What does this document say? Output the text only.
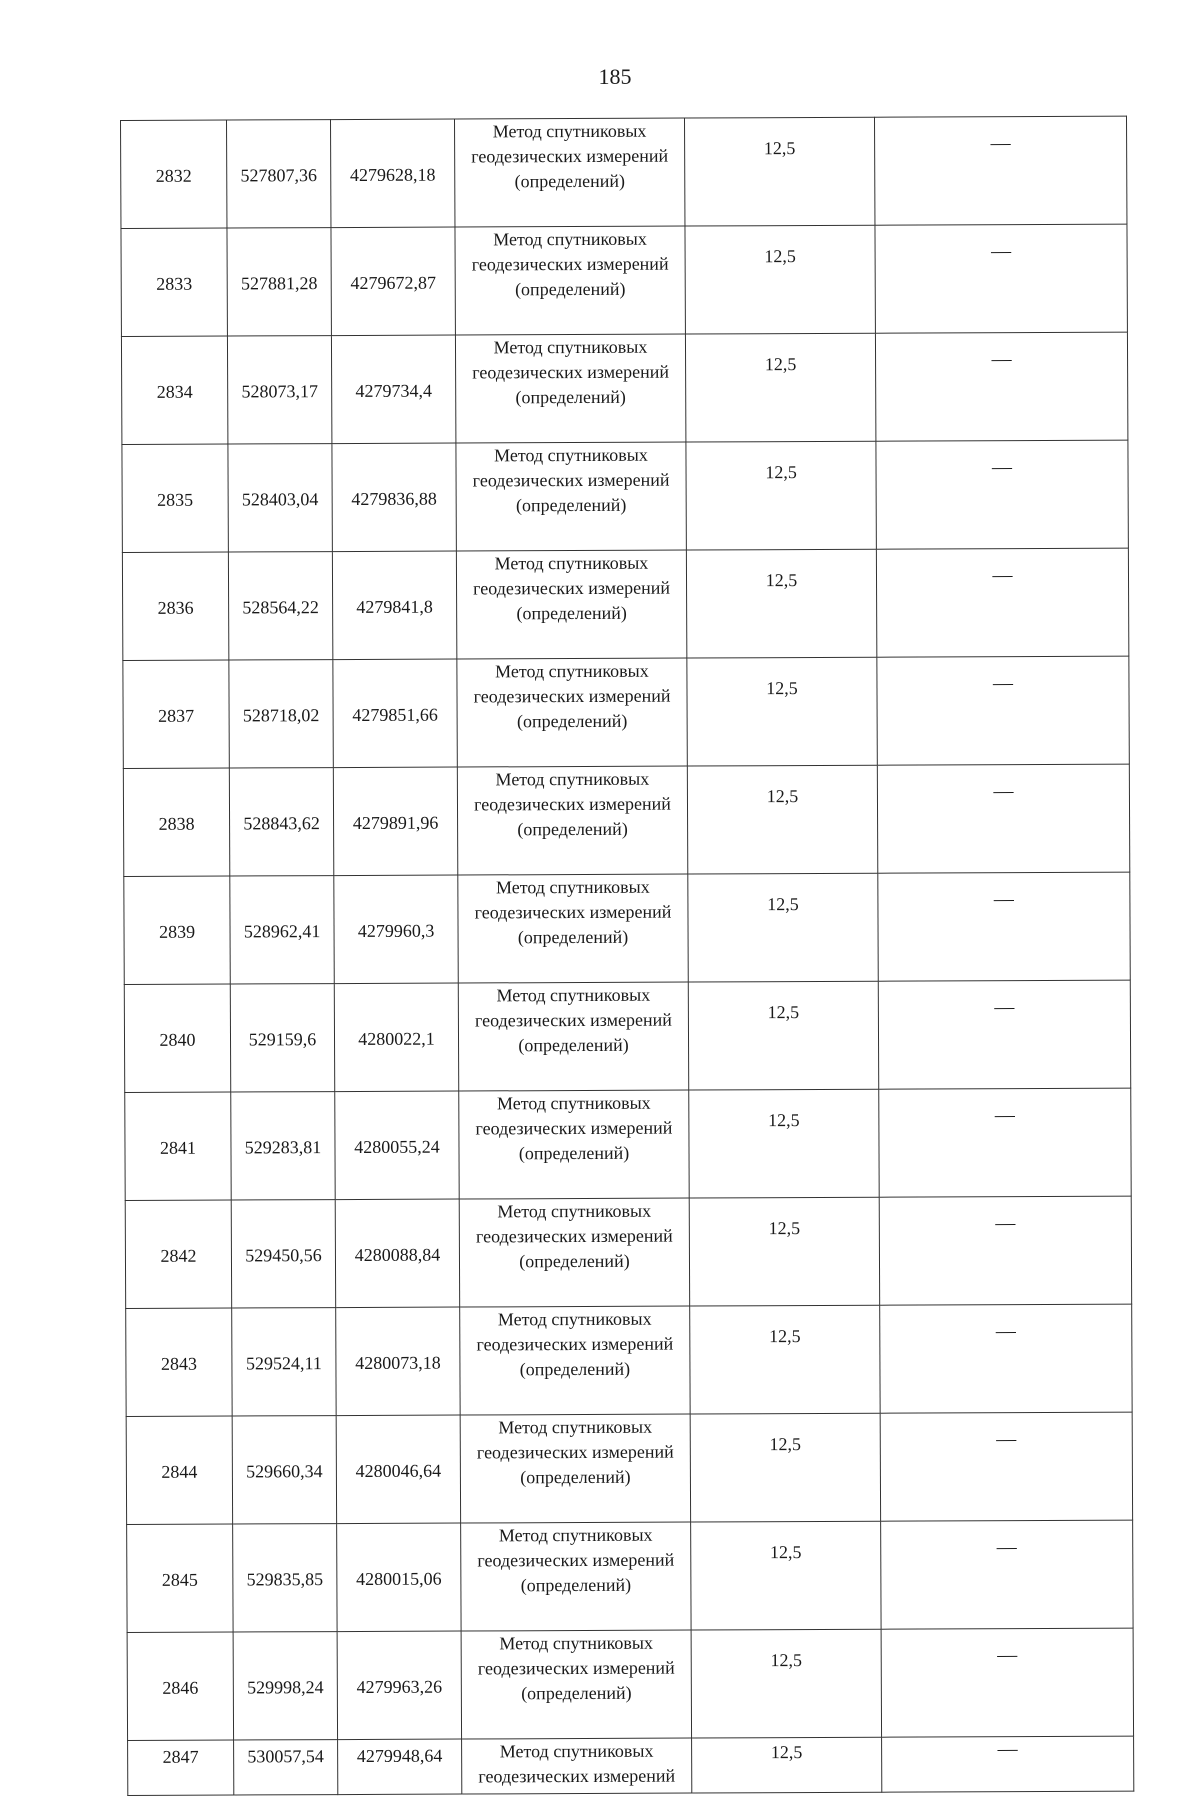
185
2832	527807,36	4279628,18	Метод спутниковых
геодезических измерений
(определений)	12,5	—
2833	527881,28	4279672,87	Метод спутниковых
геодезических измерений
(определений)	12,5	—
2834	528073,17	4279734,4	Метод спутниковых
геодезических измерений
(определений)	12,5	—
2835	528403,04	4279836,88	Метод спутниковых
геодезических измерений
(определений)	12,5	—
2836	528564,22	4279841,8	Метод спутниковых
геодезических измерений
(определений)	12,5	—
2837	528718,02	4279851,66	Метод спутниковых
геодезических измерений
(определений)	12,5	—
2838	528843,62	4279891,96	Метод спутниковых
геодезических измерений
(определений)	12,5	—
2839	528962,41	4279960,3	Метод спутниковых
геодезических измерений
(определений)	12,5	—
2840	529159,6	4280022,1	Метод спутниковых
геодезических измерений
(определений)	12,5	—
2841	529283,81	4280055,24	Метод спутниковых
геодезических измерений
(определений)	12,5	—
2842	529450,56	4280088,84	Метод спутниковых
геодезических измерений
(определений)	12,5	—
2843	529524,11	4280073,18	Метод спутниковых
геодезических измерений
(определений)	12,5	—
2844	529660,34	4280046,64	Метод спутниковых
геодезических измерений
(определений)	12,5	—
2845	529835,85	4280015,06	Метод спутниковых
геодезических измерений
(определений)	12,5	—
2846	529998,24	4279963,26	Метод спутниковых
геодезических измерений
(определений)	12,5	—
2847	530057,54	4279948,64	Метод спутниковых
геодезических измерений	12,5	—
